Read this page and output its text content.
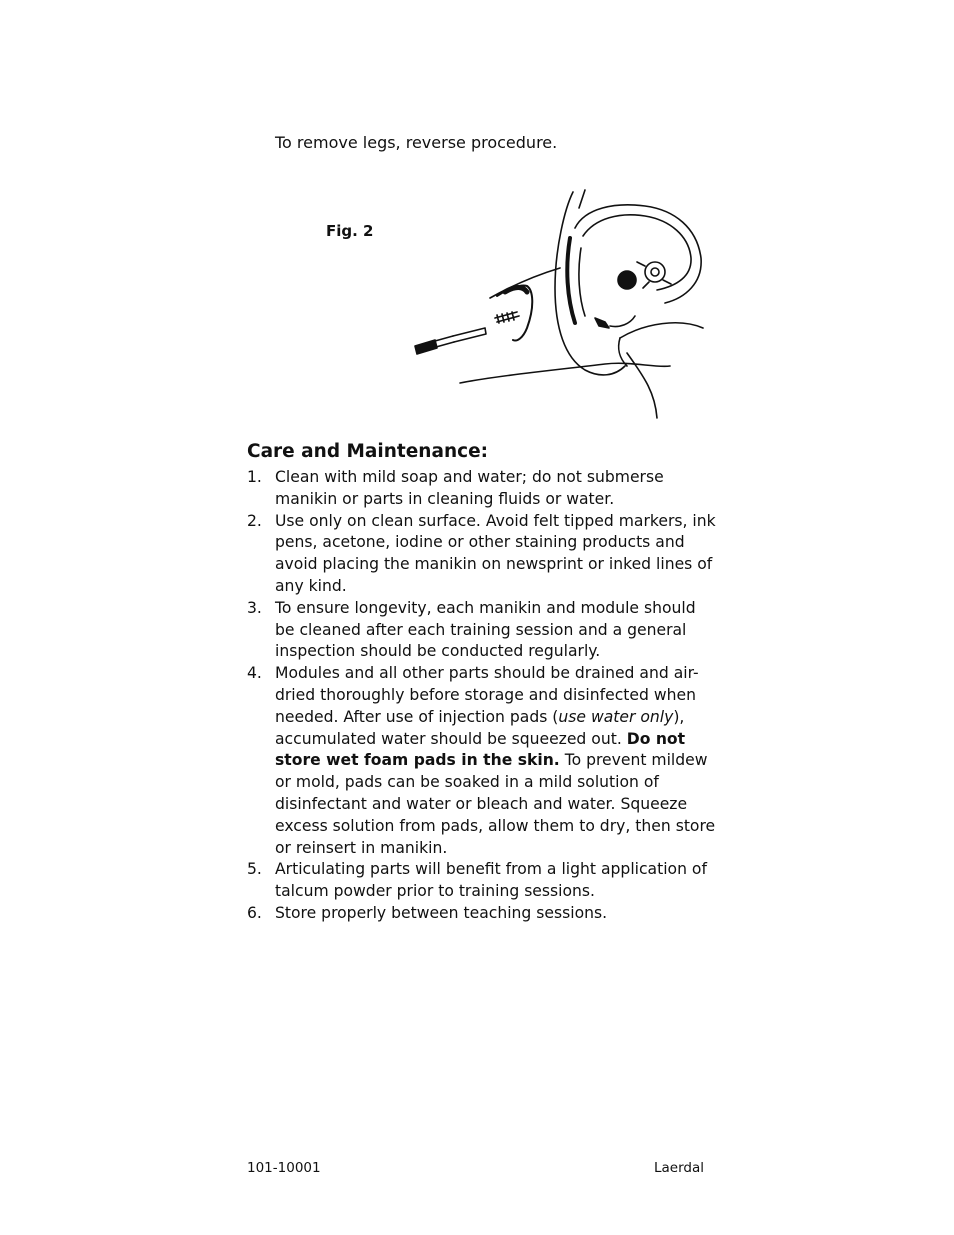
To remove legs, reverse procedure.
Fig. 2
Care and Maintenance:
1. Clean with mild soap and water; do not submerse manikin or parts in cleaning fluids or water.
2. Use only on clean surface. Avoid felt tipped markers, ink pens, acetone, iodine or other staining products and avoid placing the manikin on newsprint or inked lines of any kind.
3. To ensure longevity, each manikin and module should be cleaned after each training session and a general inspection should be conducted regularly.
4. Modules and all other parts should be drained and air-dried thoroughly before storage and disinfected when needed. After use of injection pads (use water only), accumulated water should be squeezed out. Do not store wet foam pads in the skin. To prevent mildew or mold, pads can be soaked in a mild solution of disinfectant and water or bleach and water. Squeeze excess solution from pads, allow them to dry, then store or reinsert in manikin.
5. Articulating parts will benefit from a light application of talcum powder prior to training sessions.
6. Store properly between teaching sessions.
101-10001	Laerdal
